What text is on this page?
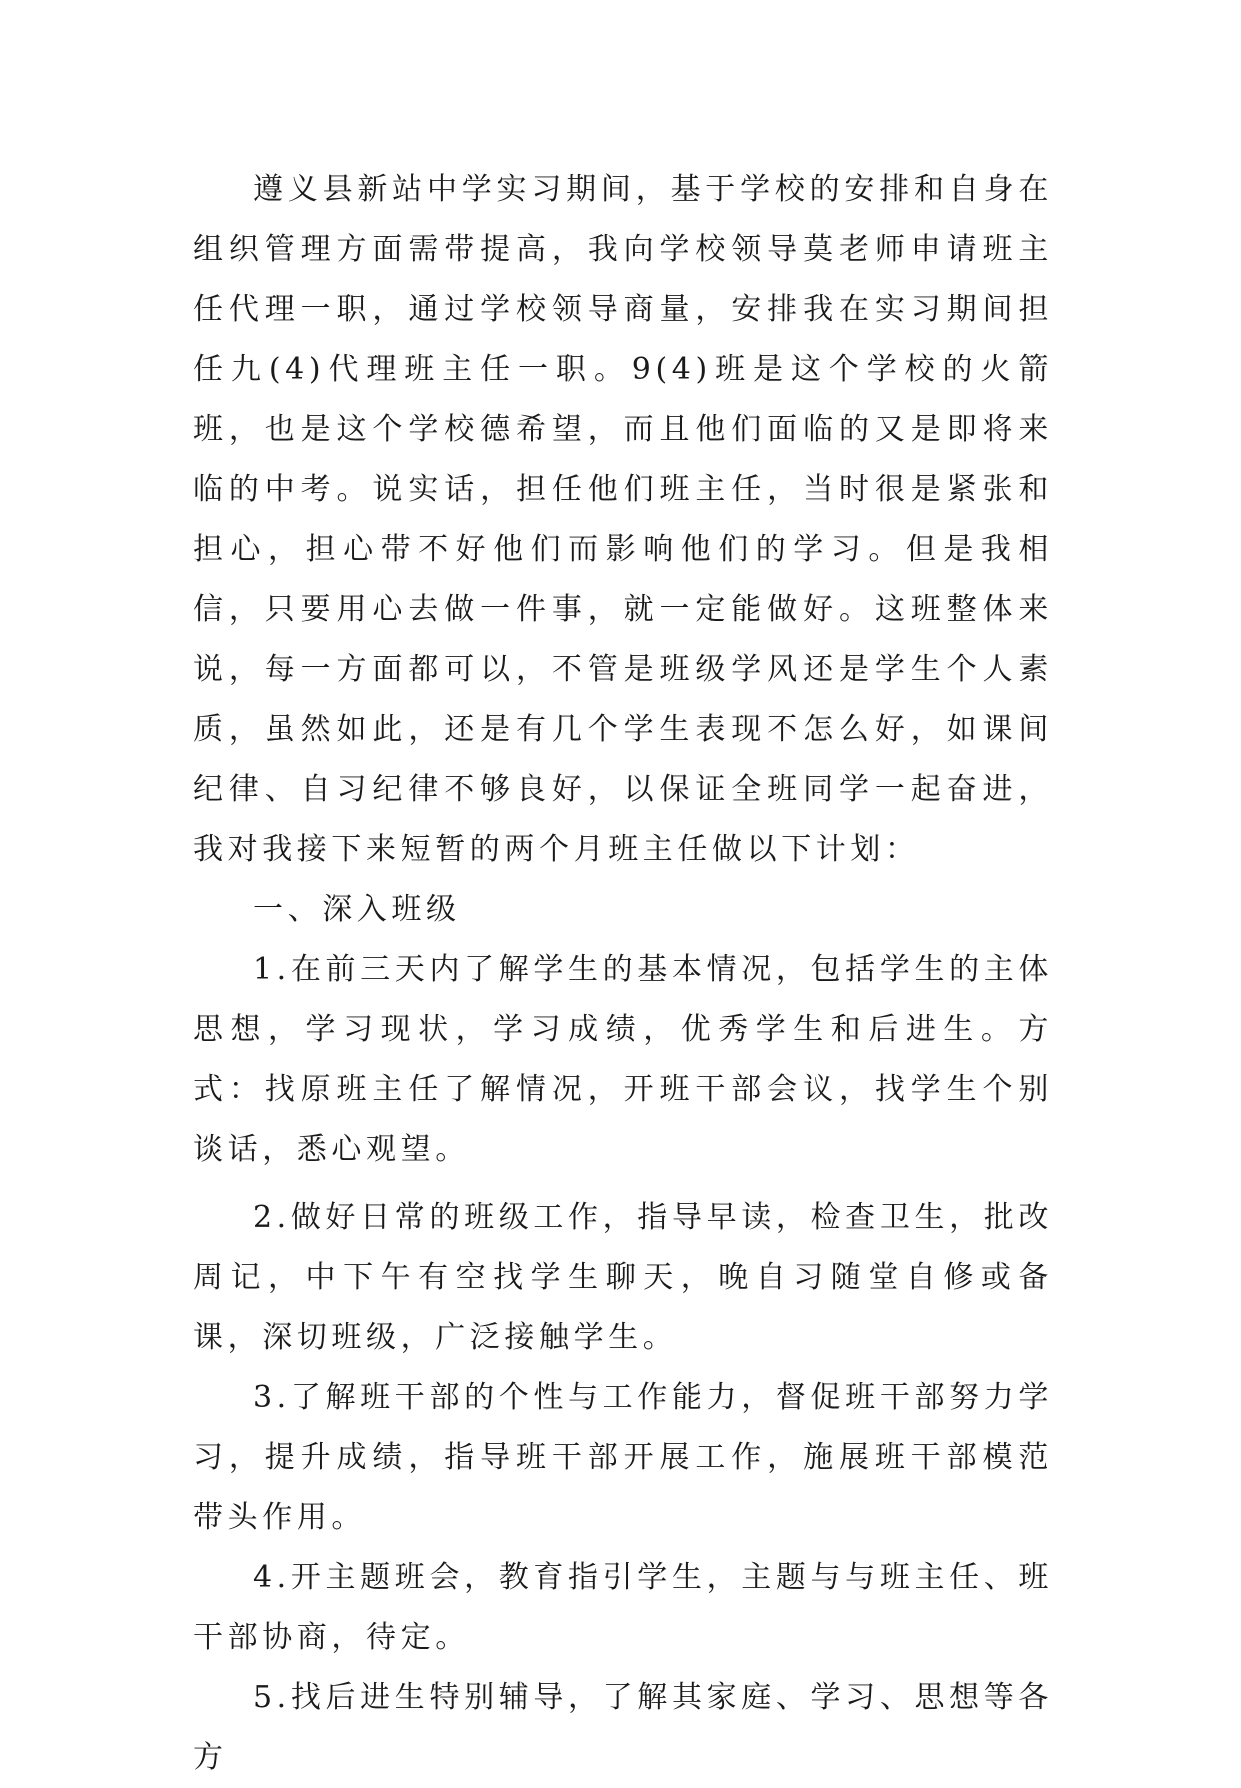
遵义县新站中学实习期间，基于学校的安排和自身在组织管理方面需带提高，我向学校领导莫老师申请班主任代理一职，通过学校领导商量，安排我在实习期间担任九(4)代理班主任一职。9(4)班是这个学校的火箭班，也是这个学校德希望，而且他们面临的又是即将来临的中考。说实话，担任他们班主任，当时很是紧张和担心，担心带不好他们而影响他们的学习。但是我相信，只要用心去做一件事，就一定能做好。这班整体来说，每一方面都可以，不管是班级学风还是学生个人素质，虽然如此，还是有几个学生表现不怎么好，如课间纪律、自习纪律不够良好，以保证全班同学一起奋进，我对我接下来短暂的两个月班主任做以下计划：

一、深入班级

1.在前三天内了解学生的基本情况，包括学生的主体思想，学习现状，学习成绩，优秀学生和后进生。方式：找原班主任了解情况，开班干部会议，找学生个别谈话，悉心观望。

2.做好日常的班级工作，指导早读，检查卫生，批改周记，中下午有空找学生聊天，晚自习随堂自修或备课，深切班级，广泛接触学生。

3.了解班干部的个性与工作能力，督促班干部努力学习，提升成绩，指导班干部开展工作，施展班干部模范带头作用。

4.开主题班会，教育指引学生，主题与与班主任、班干部协商，待定。

5.找后进生特别辅导，了解其家庭、学习、思想等各方
